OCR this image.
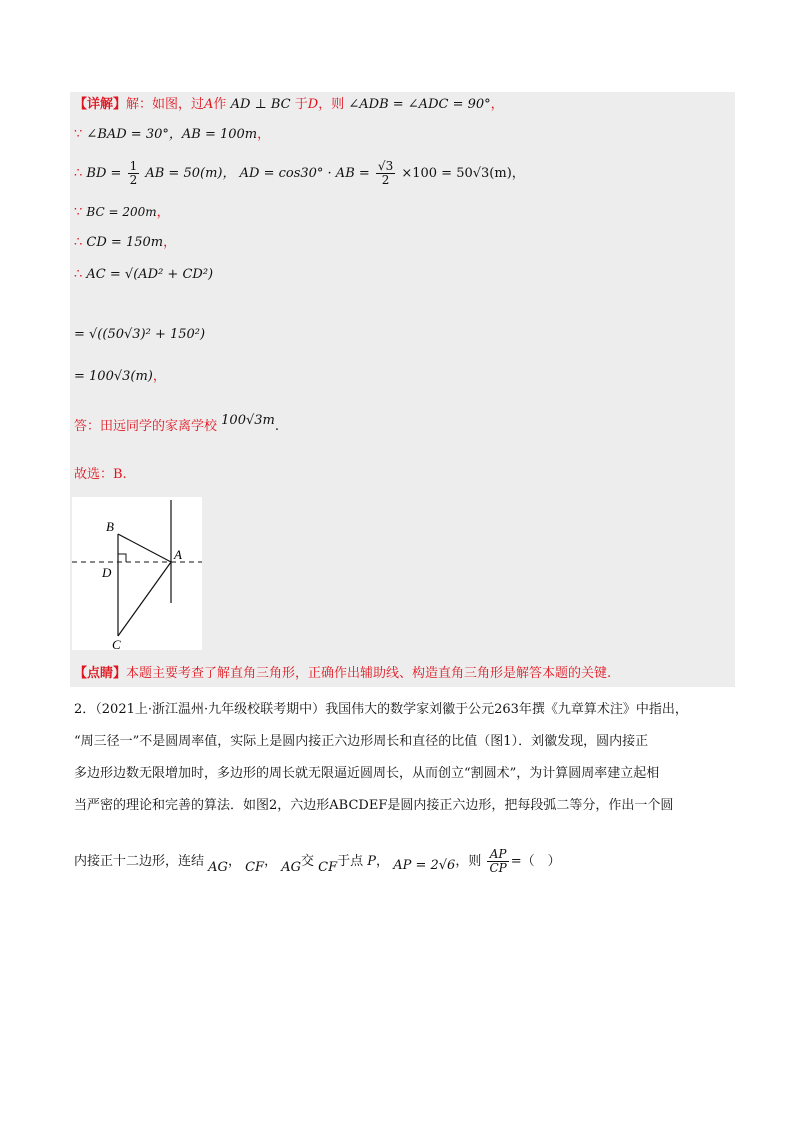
【详解】解：如图，过A作 AD ⊥ BC 于D，则 ∠ADB = ∠ADC = 90°，
∵ ∠BAD = 30°，AB = 100m，
∴ BD = $\frac{1}{2}$ AB = 50(m)， AD = cos30° · AB = $\frac{√3}{2} \times 100 = 50√3(m)$，
∵ BC = 200m，
∴ CD = 150m，
∴ AC = √(AD² + CD²)
= √((50√3)² + 150²)
= 100√3(m)，
答：田远同学的家离学校 100√3m.
故选：B.
B
D
A
C
【点睛】本题主要考查了解直角三角形，正确作出辅助线、构造直角三角形是解答本题的关键.
2．（2021上·浙江温州·九年级校联考期中）我国伟大的数学家刘徽于公元263年撰《九章算术注》中指出，
“周三径一”不是圆周率值，实际上是圆内接正六边形周长和直径的比值（图1）．刘徽发现，圆内接正
多边形边数无限增加时，多边形的周长就无限逼近圆周长，从而创立“割圆术”，为计算圆周率建立起相
当严密的理论和完善的算法．如图2，六边形ABCDEF是圆内接正六边形，把每段弧二等分，作出一个圆
内接正十二边形，连结 AG， CF， AG交 CF于点 P， AP = 2√6，则 $\frac{AP}{CP}$ =（　）
